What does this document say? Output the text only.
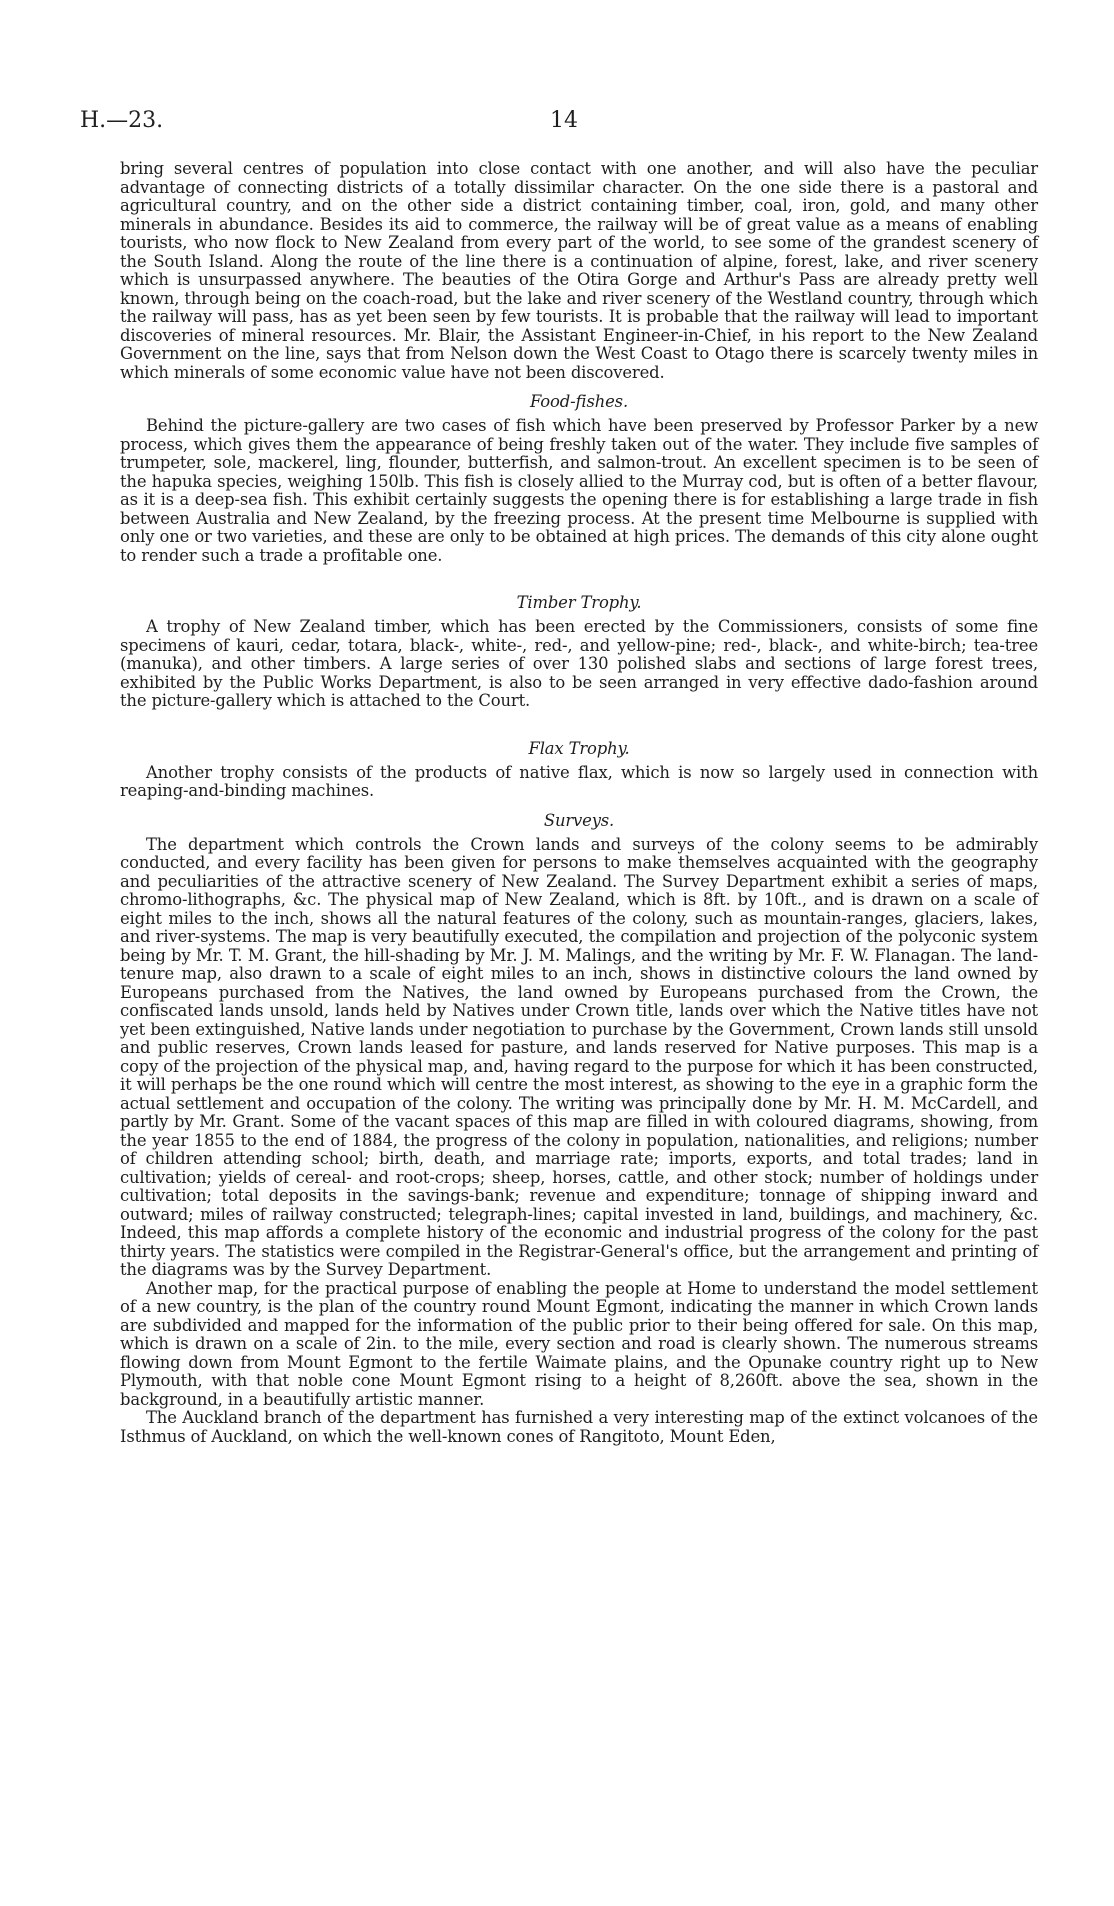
H.—23.	14

bring several centres of population into close contact with one another, and will also have the peculiar advantage of connecting districts of a totally dissimilar character. On the one side there is a pastoral and agricultural country, and on the other side a district containing timber, coal, iron, gold, and many other minerals in abundance. Besides its aid to commerce, the railway will be of great value as a means of enabling tourists, who now flock to New Zealand from every part of the world, to see some of the grandest scenery of the South Island. Along the route of the line there is a continuation of alpine, forest, lake, and river scenery which is unsurpassed anywhere. The beauties of the Otira Gorge and Arthur's Pass are already pretty well known, through being on the coach-road, but the lake and river scenery of the Westland country, through which the railway will pass, has as yet been seen by few tourists. It is probable that the railway will lead to important discoveries of mineral resources. Mr. Blair, the Assistant Engineer-in-Chief, in his report to the New Zealand Government on the line, says that from Nelson down the West Coast to Otago there is scarcely twenty miles in which minerals of some economic value have not been discovered.

Food-fishes.

Behind the picture-gallery are two cases of fish which have been preserved by Professor Parker by a new process, which gives them the appearance of being freshly taken out of the water. They include five samples of trumpeter, sole, mackerel, ling, flounder, butterfish, and salmon-trout. An excellent specimen is to be seen of the hapuka species, weighing 150lb. This fish is closely allied to the Murray cod, but is often of a better flavour, as it is a deep-sea fish. This exhibit certainly suggests the opening there is for establishing a large trade in fish between Australia and New Zealand, by the freezing process. At the present time Melbourne is supplied with only one or two varieties, and these are only to be obtained at high prices. The demands of this city alone ought to render such a trade a profitable one.

Timber Trophy.

A trophy of New Zealand timber, which has been erected by the Commissioners, consists of some fine specimens of kauri, cedar, totara, black-, white-, red-, and yellow-pine; red-, black-, and white-birch; tea-tree (manuka), and other timbers. A large series of over 130 polished slabs and sections of large forest trees, exhibited by the Public Works Department, is also to be seen arranged in very effective dado-fashion around the picture-gallery which is attached to the Court.

Flax Trophy.

Another trophy consists of the products of native flax, which is now so largely used in connection with reaping-and-binding machines.

Surveys.

The department which controls the Crown lands and surveys of the colony seems to be admirably conducted, and every facility has been given for persons to make themselves acquainted with the geography and peculiarities of the attractive scenery of New Zealand. The Survey Department exhibit a series of maps, chromo-lithographs, &c. The physical map of New Zealand, which is 8ft. by 10ft., and is drawn on a scale of eight miles to the inch, shows all the natural features of the colony, such as mountain-ranges, glaciers, lakes, and river-systems. The map is very beautifully executed, the compilation and projection of the polyconic system being by Mr. T. M. Grant, the hill-shading by Mr. J. M. Malings, and the writing by Mr. F. W. Flanagan. The land-tenure map, also drawn to a scale of eight miles to an inch, shows in distinctive colours the land owned by Europeans purchased from the Natives, the land owned by Europeans purchased from the Crown, the confiscated lands unsold, lands held by Natives under Crown title, lands over which the Native titles have not yet been extinguished, Native lands under negotiation to purchase by the Government, Crown lands still unsold and public reserves, Crown lands leased for pasture, and lands reserved for Native purposes. This map is a copy of the projection of the physical map, and, having regard to the purpose for which it has been constructed, it will perhaps be the one round which will centre the most interest, as showing to the eye in a graphic form the actual settlement and occupation of the colony. The writing was principally done by Mr. H. M. McCardell, and partly by Mr. Grant. Some of the vacant spaces of this map are filled in with coloured diagrams, showing, from the year 1855 to the end of 1884, the progress of the colony in population, nationalities, and religions; number of children attending school; birth, death, and marriage rate; imports, exports, and total trades; land in cultivation; yields of cereal- and root-crops; sheep, horses, cattle, and other stock; number of holdings under cultivation; total deposits in the savings-bank; revenue and expenditure; tonnage of shipping inward and outward; miles of railway constructed; telegraph-lines; capital invested in land, buildings, and machinery, &c. Indeed, this map affords a complete history of the economic and industrial progress of the colony for the past thirty years. The statistics were compiled in the Registrar-General's office, but the arrangement and printing of the diagrams was by the Survey Department.

Another map, for the practical purpose of enabling the people at Home to understand the model settlement of a new country, is the plan of the country round Mount Egmont, indicating the manner in which Crown lands are subdivided and mapped for the information of the public prior to their being offered for sale. On this map, which is drawn on a scale of 2in. to the mile, every section and road is clearly shown. The numerous streams flowing down from Mount Egmont to the fertile Waimate plains, and the Opunake country right up to New Plymouth, with that noble cone Mount Egmont rising to a height of 8,260ft. above the sea, shown in the background, in a beautifully artistic manner.

The Auckland branch of the department has furnished a very interesting map of the extinct volcanoes of the Isthmus of Auckland, on which the well-known cones of Rangitoto, Mount Eden,
